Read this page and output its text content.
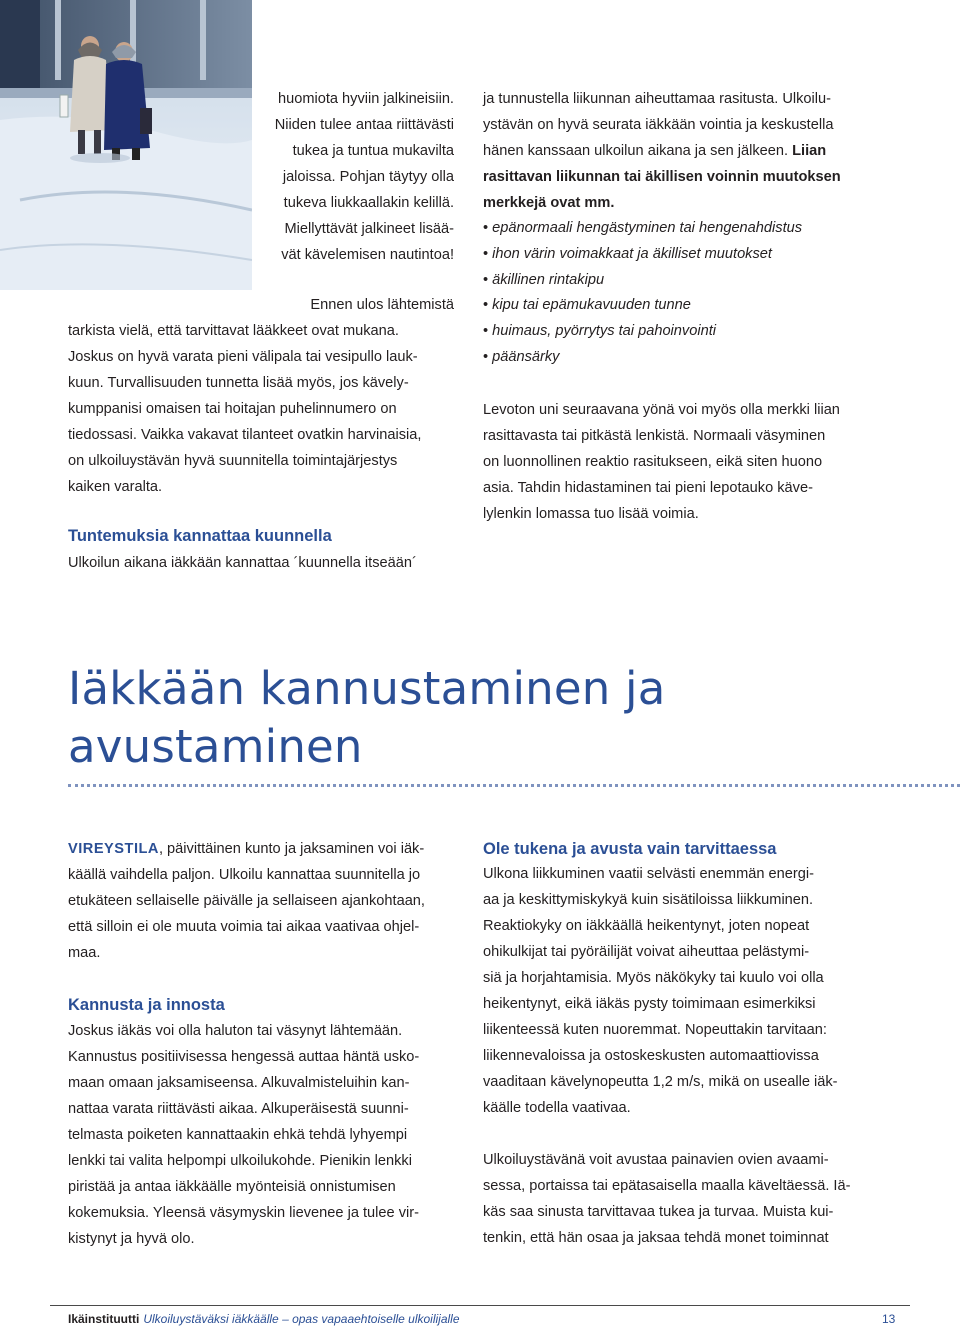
huomiota hyviin jalkineisiin.
Niiden tulee antaa riittävästi
tukea ja tuntua mukavilta
jaloissa. Pohjan täytyy olla
tukeva liukkaallakin kelillä.
Miellyttävät jalkineet lisää-
vät kävelemisen nautintoa!
Ennen ulos lähtemistä
tarkista vielä, että tarvittavat lääkkeet ovat mukana.
Joskus on hyvä varata pieni välipala tai vesipullo lauk-
kuun. Turvallisuuden tunnetta lisää myös, jos kävely-
kumppanisi omaisen tai hoitajan puhelinnumero on
tiedossasi. Vaikka vakavat tilanteet ovatkin harvinaisia,
on ulkoiluystävän hyvä suunnitella toimintajärjestys
kaiken varalta.

Tuntemuksia kannattaa kuunnella

Ulkoilun aikana iäkkään kannattaa ´kuunnella itseään´

ja tunnustella liikunnan aiheuttamaa rasitusta. Ulkoilu-
ystävän on hyvä seurata iäkkään vointia ja keskustella
hänen kanssaan ulkoilun aikana ja sen jälkeen. Liian
rasittavan liikunnan tai äkillisen voinnin muutoksen
merkkejä ovat mm.
• epänormaali hengästyminen tai hengenahdistus
• ihon värin voimakkaat ja äkilliset muutokset
• äkillinen rintakipu
• kipu tai epämukavuuden tunne
• huimaus, pyörrytys tai pahoinvointi
• päänsärky
Levoton uni seuraavana yönä voi myös olla merkki liian
rasittavasta tai pitkästä lenkistä. Normaali väsyminen
on luonnollinen reaktio rasitukseen, eikä siten huono
asia. Tahdin hidastaminen tai pieni lepotauko käve-
lylenkin lomassa tuo lisää voimia.
Iäkkään kannustaminen ja
avustaminen
VIREYSTILA, päivittäinen kunto ja jaksaminen voi iäk-
käällä vaihdella paljon. Ulkoilu kannattaa suunnitella jo
etukäteen sellaiselle päivälle ja sellaiseen ajankohtaan,
että silloin ei ole muuta voimia tai aikaa vaativaa ohjel-
maa.

Kannusta ja innosta

Joskus iäkäs voi olla haluton tai väsynyt lähtemään.
Kannustus positiivisessa hengessä auttaa häntä usko-
maan omaan jaksamiseensa. Alkuvalmisteluihin kan-
nattaa varata riittävästi aikaa. Alkuperäisestä suunni-
telmasta poiketen kannattaakin ehkä tehdä lyhyempi
lenkki tai valita helpompi ulkoilukohde. Pienikin lenkki
piristää ja antaa iäkkäälle myönteisiä onnistumisen
kokemuksia. Yleensä väsymyskin lievenee ja tulee vir-
kistynyt ja hyvä olo.

Ole tukena ja avusta vain tarvittaessa

Ulkona liikkuminen vaatii selvästi enemmän energi-
aa ja keskittymiskykyä kuin sisätiloissa liikkuminen.
Reaktiokyky on iäkkäällä heikentynyt, joten nopeat
ohikulkijat tai pyöräilijät voivat aiheuttaa pelästymi-
siä ja horjahtamisia. Myös näkökyky tai kuulo voi olla
heikentynyt, eikä iäkäs pysty toimimaan esimerkiksi
liikenteessä kuten nuoremmat. Nopeuttakin tarvitaan:
liikennevaloissa ja ostoskeskusten automaattiovissa
vaaditaan kävelynopeutta 1,2 m/s, mikä on usealle iäk-
käälle todella vaativaa.
Ulkoiluystävänä voit avustaa painavien ovien avaami-
sessa, portaissa tai epätasaisella maalla käveltäessä. Iä-
käs saa sinusta tarvittavaa tukea ja turvaa. Muista kui-
tenkin, että hän osaa ja jaksaa tehdä monet toiminnat
Ikäinstituutti Ulkoiluystäväksi iäkkäälle – opas vapaaehtoiselle ulkoilijalle	13
